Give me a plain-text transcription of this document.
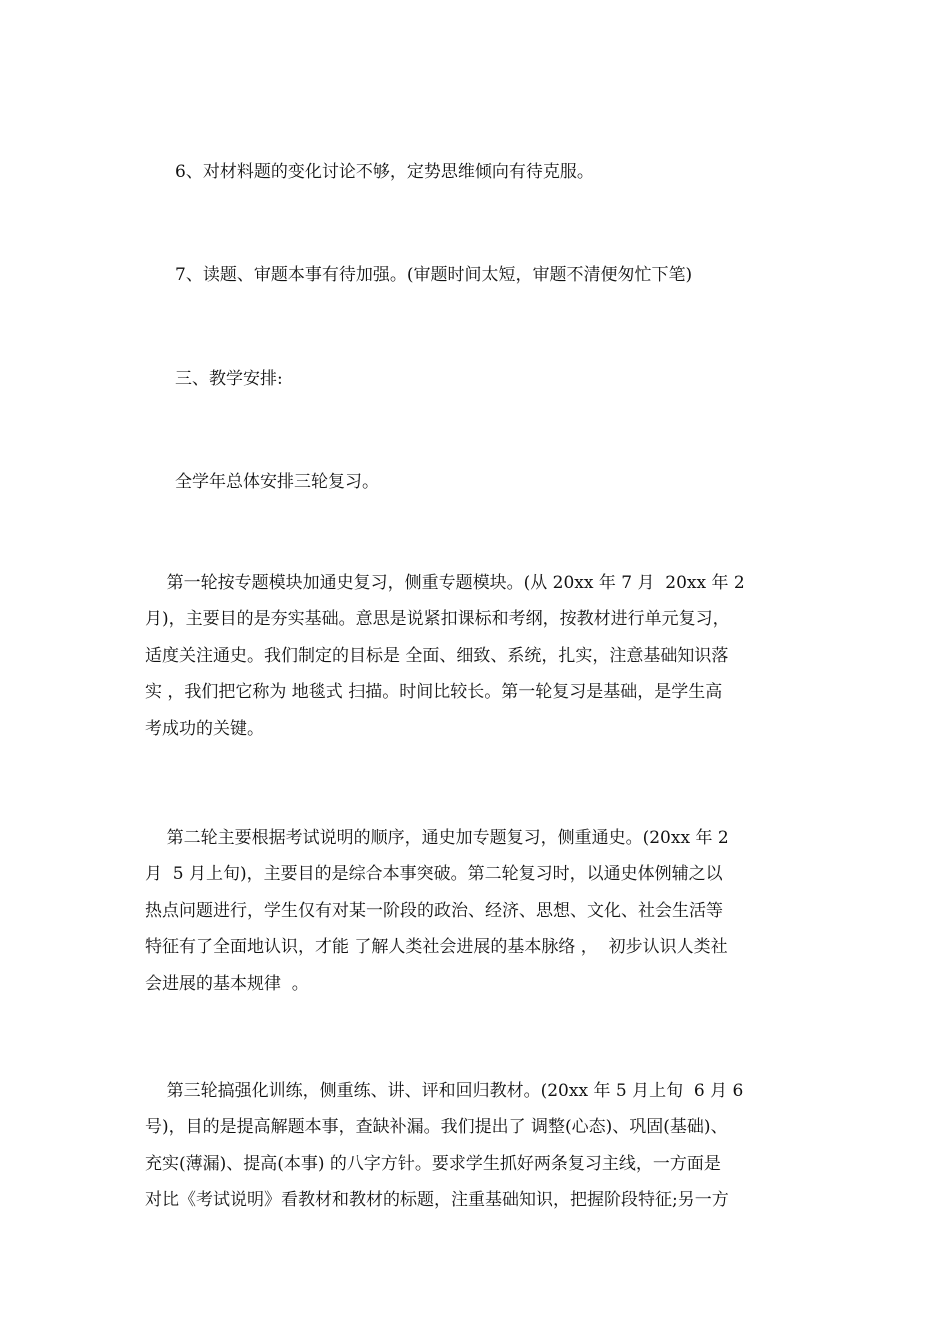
6、对材料题的变化讨论不够，定势思维倾向有待克服。

7、读题、审题本事有待加强。(审题时间太短，审题不清便匆忙下笔)

三、教学安排:

全学年总体安排三轮复习。

第一轮按专题模块加通史复习，侧重专题模块。(从 20xx 年 7 月  20xx 年 2
月)，主要目的是夯实基础。意思是说紧扣课标和考纲，按教材进行单元复习，
适度关注通史。我们制定的目标是 全面、细致、系统，扎实，注意基础知识落
实 ，我们把它称为 地毯式 扫描。时间比较长。第一轮复习是基础，是学生高
考成功的关键。
第二轮主要根据考试说明的顺序，通史加专题复习，侧重通史。(20xx 年 2
月  5 月上旬)，主要目的是综合本事突破。第二轮复习时，以通史体例辅之以
热点问题进行，学生仅有对某一阶段的政治、经济、思想、文化、社会生活等
特征有了全面地认识，才能 了解人类社会进展的基本脉络 ，  初步认识人类社
会进展的基本规律  。
第三轮搞强化训练，侧重练、讲、评和回归教材。(20xx 年 5 月上旬  6 月 6
号)，目的是提高解题本事，查缺补漏。我们提出了 调整(心态)、巩固(基础)、
充实(薄漏)、提高(本事) 的八字方针。要求学生抓好两条复习主线，一方面是
对比《考试说明》看教材和教材的标题，注重基础知识，把握阶段特征;另一方
